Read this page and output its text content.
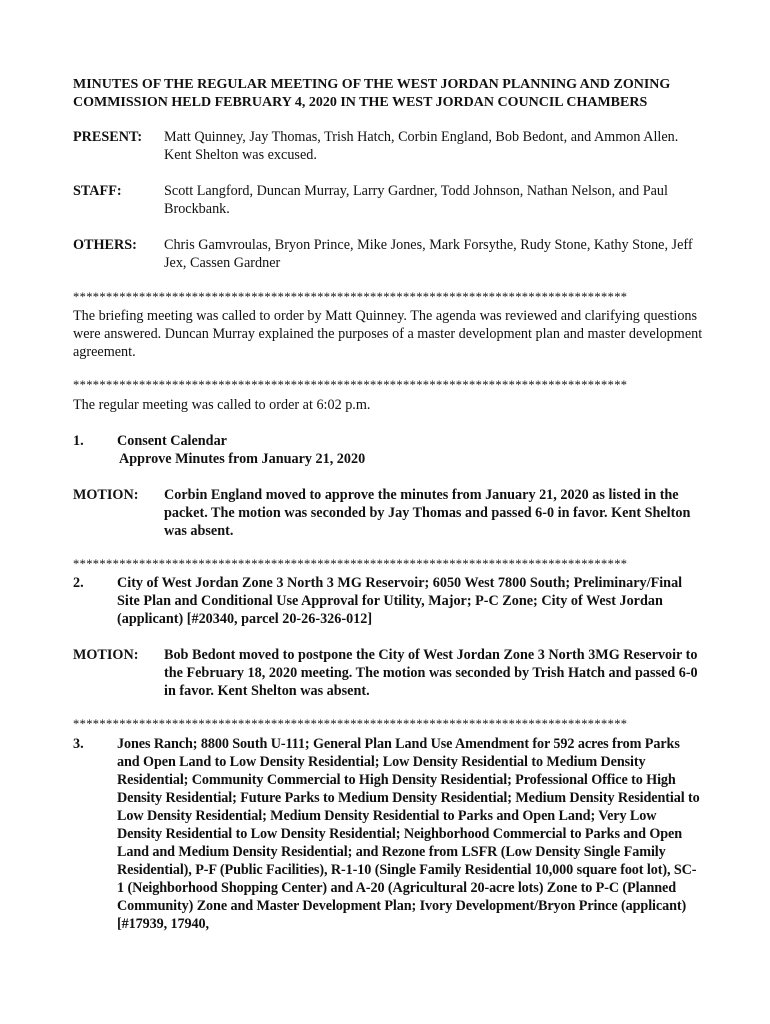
MINUTES OF THE REGULAR MEETING OF THE WEST JORDAN PLANNING AND ZONING COMMISSION HELD FEBRUARY 4, 2020 IN THE WEST JORDAN COUNCIL CHAMBERS
PRESENT: Matt Quinney, Jay Thomas, Trish Hatch, Corbin England, Bob Bedont, and Ammon Allen. Kent Shelton was excused.
STAFF:	Scott Langford, Duncan Murray, Larry Gardner, Todd Johnson, Nathan Nelson, and Paul Brockbank.
OTHERS: Chris Gamvroulas, Bryon Prince, Mike Jones, Mark Forsythe, Rudy Stone, Kathy Stone, Jeff Jex, Cassen Gardner
************************************************************************************
The briefing meeting was called to order by Matt Quinney. The agenda was reviewed and clarifying questions were answered. Duncan Murray explained the purposes of a master development plan and master development agreement.
************************************************************************************
The regular meeting was called to order at 6:02 p.m.
1. Consent Calendar
Approve Minutes from January 21, 2020
MOTION: Corbin England moved to approve the minutes from January 21, 2020 as listed in the packet. The motion was seconded by Jay Thomas and passed 6-0 in favor. Kent Shelton was absent.
************************************************************************************
2. City of West Jordan Zone 3 North 3 MG Reservoir; 6050 West 7800 South; Preliminary/Final Site Plan and Conditional Use Approval for Utility, Major; P-C Zone; City of West Jordan (applicant) [#20340, parcel 20-26-326-012]
MOTION: Bob Bedont moved to postpone the City of West Jordan Zone 3 North 3MG Reservoir to the February 18, 2020 meeting. The motion was seconded by Trish Hatch and passed 6-0 in favor. Kent Shelton was absent.
************************************************************************************
3. Jones Ranch; 8800 South U-111; General Plan Land Use Amendment for 592 acres from Parks and Open Land to Low Density Residential; Low Density Residential to Medium Density Residential; Community Commercial to High Density Residential; Professional Office to High Density Residential; Future Parks to Medium Density Residential; Medium Density Residential to Low Density Residential; Medium Density Residential to Parks and Open Land; Very Low Density Residential to Low Density Residential; Neighborhood Commercial to Parks and Open Land and Medium Density Residential; and Rezone from LSFR (Low Density Single Family Residential), P-F (Public Facilities), R-1-10 (Single Family Residential 10,000 square foot lot), SC-1 (Neighborhood Shopping Center) and A-20 (Agricultural 20-acre lots) Zone to P-C (Planned Community) Zone and Master Development Plan; Ivory Development/Bryon Prince (applicant) [#17939, 17940,
